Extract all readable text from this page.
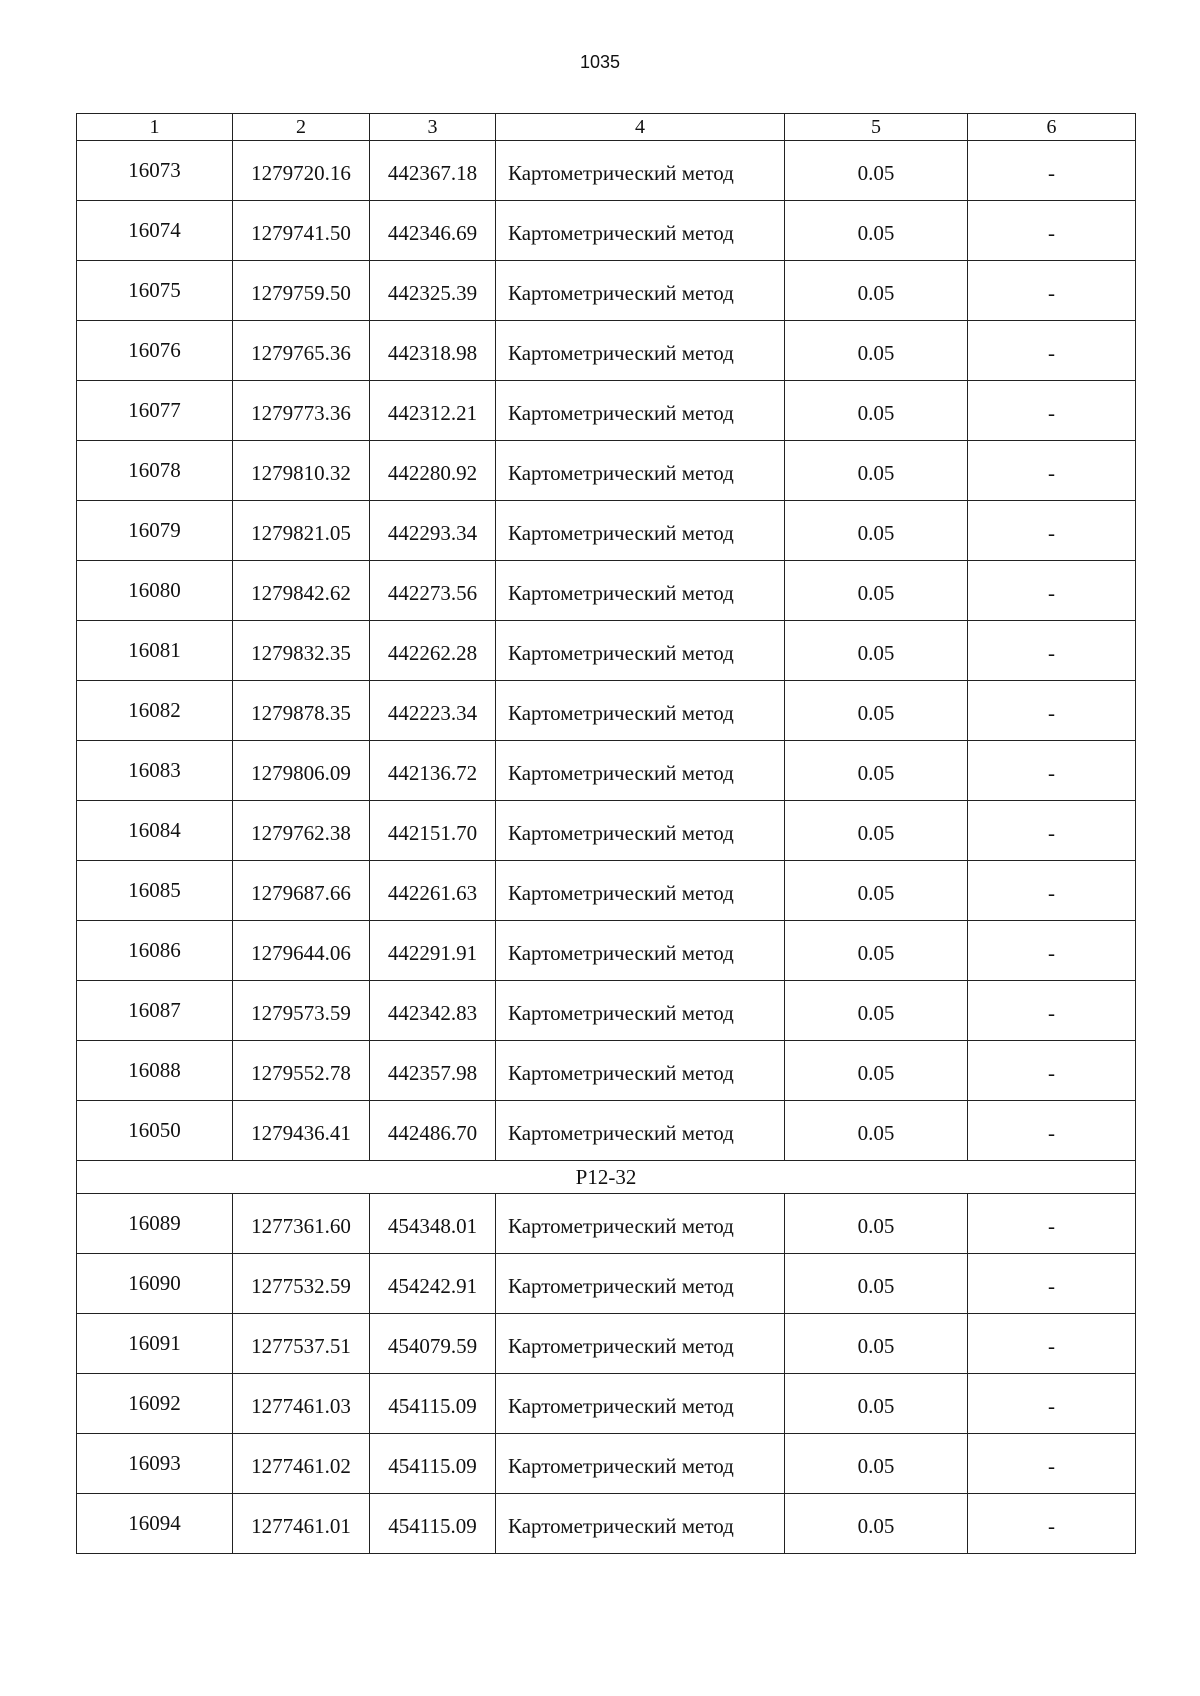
1035
1	2	3	4	5	6
16073	1279720.16	442367.18	Картометрический метод	0.05	-
16074	1279741.50	442346.69	Картометрический метод	0.05	-
16075	1279759.50	442325.39	Картометрический метод	0.05	-
16076	1279765.36	442318.98	Картометрический метод	0.05	-
16077	1279773.36	442312.21	Картометрический метод	0.05	-
16078	1279810.32	442280.92	Картометрический метод	0.05	-
16079	1279821.05	442293.34	Картометрический метод	0.05	-
16080	1279842.62	442273.56	Картометрический метод	0.05	-
16081	1279832.35	442262.28	Картометрический метод	0.05	-
16082	1279878.35	442223.34	Картометрический метод	0.05	-
16083	1279806.09	442136.72	Картометрический метод	0.05	-
16084	1279762.38	442151.70	Картометрический метод	0.05	-
16085	1279687.66	442261.63	Картометрический метод	0.05	-
16086	1279644.06	442291.91	Картометрический метод	0.05	-
16087	1279573.59	442342.83	Картометрический метод	0.05	-
16088	1279552.78	442357.98	Картометрический метод	0.05	-
16050	1279436.41	442486.70	Картометрический метод	0.05	-
Р12-32					
16089	1277361.60	454348.01	Картометрический метод	0.05	-
16090	1277532.59	454242.91	Картометрический метод	0.05	-
16091	1277537.51	454079.59	Картометрический метод	0.05	-
16092	1277461.03	454115.09	Картометрический метод	0.05	-
16093	1277461.02	454115.09	Картометрический метод	0.05	-
16094	1277461.01	454115.09	Картометрический метод	0.05	-
